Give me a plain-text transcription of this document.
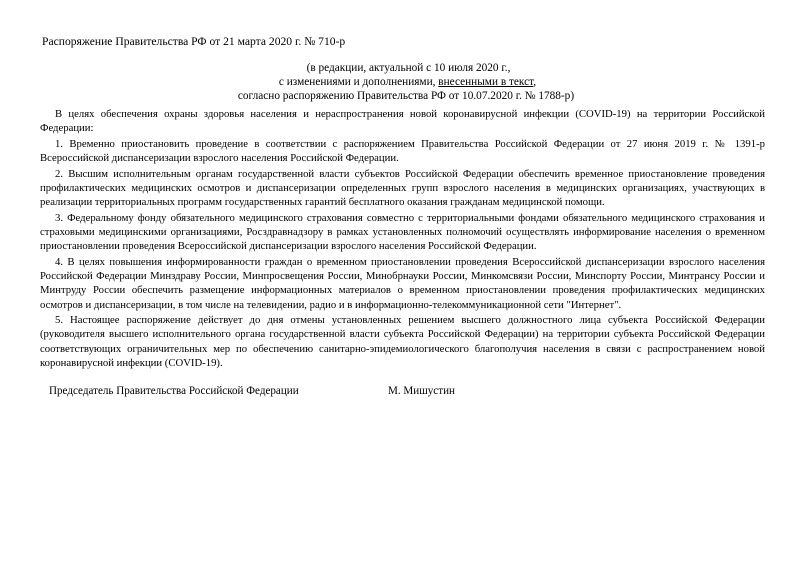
Распоряжение Правительства РФ от 21 марта 2020 г. № 710-р
(в редакции, актуальной с 10 июля 2020 г.,
с изменениями и дополнениями, внесенными в текст,
согласно распоряжению Правительства РФ от 10.07.2020 г. № 1788-р)

В целях обеспечения охраны здоровья населения и нераспространения новой коронавирусной инфекции (COVID-19) на территории Российской Федерации:

1. Временно приостановить проведение в соответствии с распоряжением Правительства Российской Федерации от 27 июня 2019 г. № 1391-р Всероссийской диспансеризации взрослого населения Российской Федерации.

2. Высшим исполнительным органам государственной власти субъектов Российской Федерации обеспечить временное приостановление проведения профилактических медицинских осмотров и диспансеризации определенных групп взрослого населения в медицинских организациях, участвующих в реализации территориальных программ государственных гарантий бесплатного оказания гражданам медицинской помощи.

3. Федеральному фонду обязательного медицинского страхования совместно с территориальными фондами обязательного медицинского страхования и страховыми медицинскими организациями, Росздравнадзору в рамках установленных полномочий осуществлять информирование населения о временном приостановлении проведения Всероссийской диспансеризации взрослого населения Российской Федерации.

4. В целях повышения информированности граждан о временном приостановлении проведения Всероссийской диспансеризации взрослого населения Российской Федерации Минздраву России, Минпросвещения России, Минобрнауки России, Минкомсвязи России, Минспорту России, Минтрансу России и Минтруду России обеспечить размещение информационных материалов о временном приостановлении проведения профилактических медицинских осмотров и диспансеризации, в том числе на телевидении, радио и в информационно-телекоммуникационной сети "Интернет".

5. Настоящее распоряжение действует до дня отмены установленных решением высшего должностного лица субъекта Российской Федерации (руководителя высшего исполнительного органа государственной власти субъекта Российской Федерации) на территории субъекта Российской Федерации соответствующих ограничительных мер по обеспечению санитарно-эпидемиологического благополучия населения в связи с распространением новой коронавирусной инфекции (COVID-19).

Председатель Правительства Российской Федерации	М. Мишустин
